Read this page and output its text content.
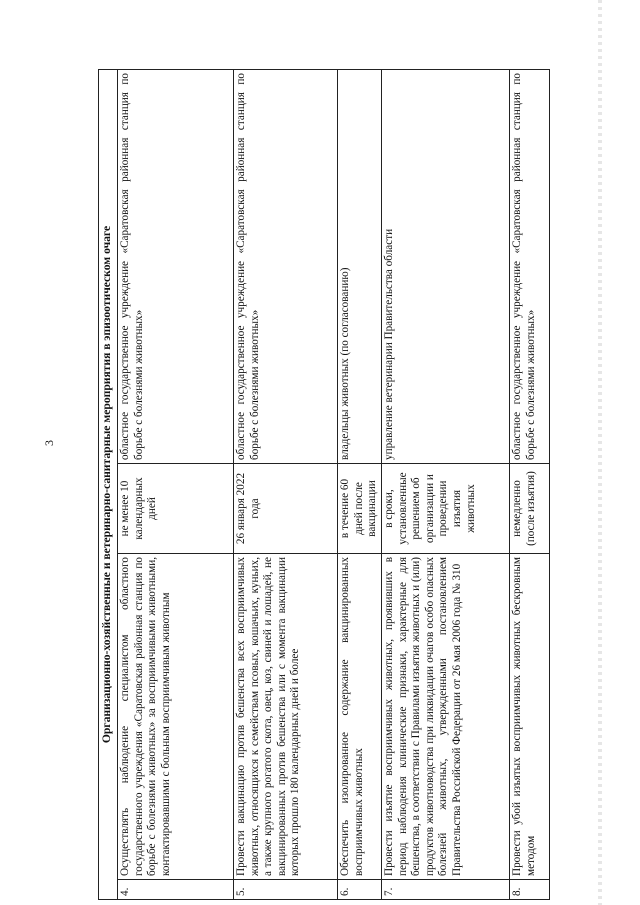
3	Организационно-хозяйственные и ветеринарно-санитарные мероприятия в эпизоотическом очаге			
4.	Осуществлять наблюдение специалистом областного государственного учреждения «Саратовская районная станция по борьбе с болезнями животных» за восприимчивыми животными, контактировавшими с больным восприимчивым животным	не менее 10 календарных дней	областное государственное учреждение «Саратовская районная станция по борьбе с болезнями животных»
5.	Провести вакцинацию против бешенства всех восприимчивых животных, относящихся к семействам псовых, кошачьих, куньих, а также крупного рогатого скота, овец, коз, свиней и лошадей, не вакцинированных против бешенства или с момента вакцинации которых прошло 180 календарных дней и более	26 января 2022 года	областное государственное учреждение «Саратовская районная станция по борьбе с болезнями животных»
6.	Обеспечить изолированное содержание вакцинированных восприимчивых животных	в течение 60 дней после вакцинации	владельцы животных (по согласованию)
7.	Провести изъятие восприимчивых животных, проявивших в период наблюдения клинические признаки, характерные для бешенства, в соответствии с Правилами изъятия животных и (или) продуктов животноводства при ликвидации очагов особо опасных болезней животных, утвержденными постановлением Правительства Российской Федерации от 26 мая 2006 года № 310	в сроки, установленные решением об организации и проведении изъятия животных	управление ветеринарии Правительства области
8.	Провести убой изъятых восприимчивых животных бескровным методом	немедленно (после изъятия)	областное государственное учреждение «Саратовская районная станция по борьбе с болезнями животных»
